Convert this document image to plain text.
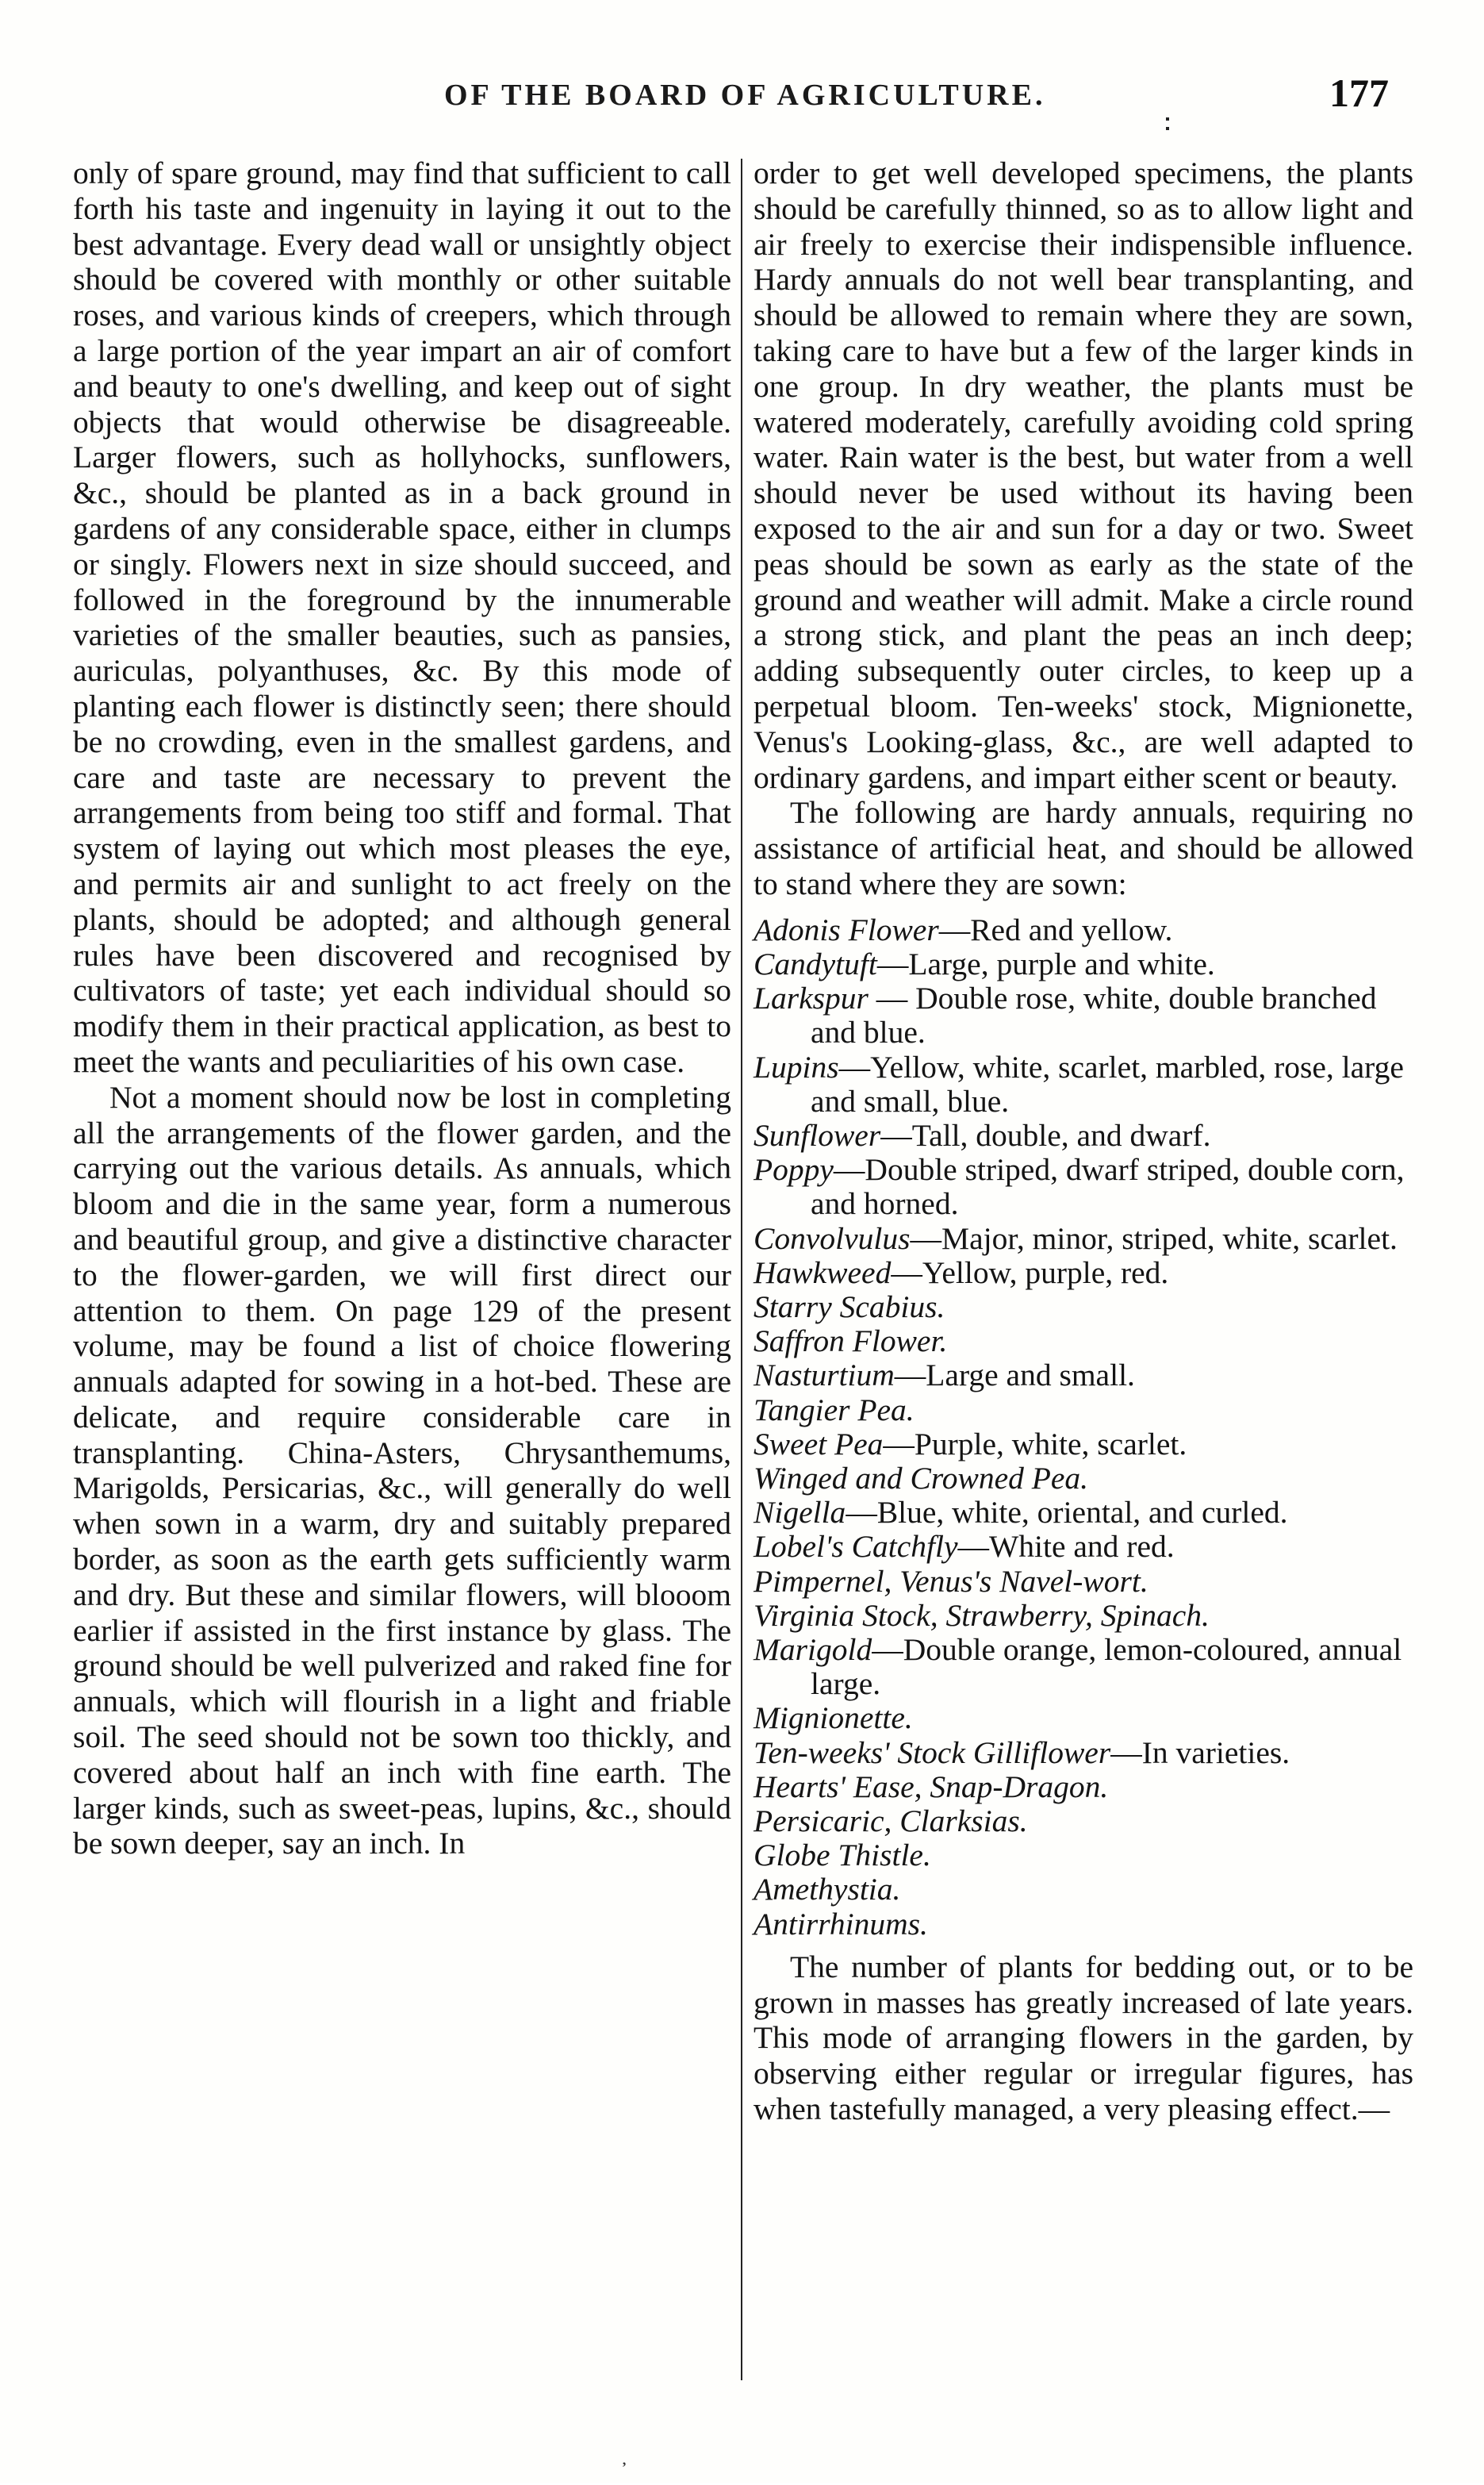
OF THE BOARD OF AGRICULTURE.	177

only of spare ground, may find that sufficient to call forth his taste and ingenuity in laying it out to the best advantage. Every dead wall or unsightly object should be covered with monthly or other suitable roses, and various kinds of creepers, which through a large portion of the year impart an air of comfort and beauty to one's dwelling, and keep out of sight objects that would otherwise be disagreeable. Larger flowers, such as hollyhocks, sunflowers, &c., should be planted as in a back ground in gardens of any considerable space, either in clumps or singly. Flowers next in size should succeed, and followed in the foreground by the innumerable varieties of the smaller beauties, such as pansies, auriculas, polyanthuses, &c. By this mode of planting each flower is distinctly seen; there should be no crowding, even in the smallest gardens, and care and taste are necessary to prevent the arrangements from being too stiff and formal. That system of laying out which most pleases the eye, and permits air and sunlight to act freely on the plants, should be adopted; and although general rules have been discovered and recognised by cultivators of taste; yet each individual should so modify them in their practical application, as best to meet the wants and peculiarities of his own case.

Not a moment should now be lost in completing all the arrangements of the flower garden, and the carrying out the various details. As annuals, which bloom and die in the same year, form a numerous and beautiful group, and give a distinctive character to the flower-garden, we will first direct our attention to them. On page 129 of the present volume, may be found a list of choice flowering annuals adapted for sowing in a hot-bed. These are delicate, and require considerable care in transplanting. China-Asters, Chrysanthemums, Marigolds, Persicarias, &c., will generally do well when sown in a warm, dry and suitably prepared border, as soon as the earth gets sufficiently warm and dry. But these and similar flowers, will blooom earlier if assisted in the first instance by glass. The ground should be well pulverized and raked fine for annuals, which will flourish in a light and friable soil. The seed should not be sown too thickly, and covered about half an inch with fine earth. The larger kinds, such as sweet-peas, lupins, &c., should be sown deeper, say an inch. In

order to get well developed specimens, the plants should be carefully thinned, so as to allow light and air freely to exercise their indispensible influence. Hardy annuals do not well bear transplanting, and should be allowed to remain where they are sown, taking care to have but a few of the larger kinds in one group. In dry weather, the plants must be watered moderately, carefully avoiding cold spring water. Rain water is the best, but water from a well should never be used without its having been exposed to the air and sun for a day or two. Sweet peas should be sown as early as the state of the ground and weather will admit. Make a circle round a strong stick, and plant the peas an inch deep; adding subsequently outer circles, to keep up a perpetual bloom. Ten-weeks' stock, Mignionette, Venus's Looking-glass, &c., are well adapted to ordinary gardens, and impart either scent or beauty.

The following are hardy annuals, requiring no assistance of artificial heat, and should be allowed to stand where they are sown:

Adonis Flower—Red and yellow.
Candytuft—Large, purple and white.
Larkspur — Double rose, white, double branched and blue.
Lupins—Yellow, white, scarlet, marbled, rose, large and small, blue.
Sunflower—Tall, double, and dwarf.
Poppy—Double striped, dwarf striped, double corn, and horned.
Convolvulus—Major, minor, striped, white, scarlet.
Hawkweed—Yellow, purple, red.
Starry Scabius.
Saffron Flower.
Nasturtium—Large and small.
Tangier Pea.
Sweet Pea—Purple, white, scarlet.
Winged and Crowned Pea.
Nigella—Blue, white, oriental, and curled.
Lobel's Catchfly—White and red.
Pimpernel, Venus's Navel-wort.
Virginia Stock, Strawberry, Spinach.
Marigold—Double orange, lemon-coloured, annual large.
Mignionette.
Ten-weeks' Stock Gilliflower—In varieties.
Hearts' Ease, Snap-Dragon.
Persicaric, Clarksias.
Globe Thistle.
Amethystia.
Antirrhinums.

The number of plants for bedding out, or to be grown in masses has greatly increased of late years. This mode of arranging flowers in the garden, by observing either regular or irregular figures, has when tastefully managed, a very pleasing effect.—

᾽
